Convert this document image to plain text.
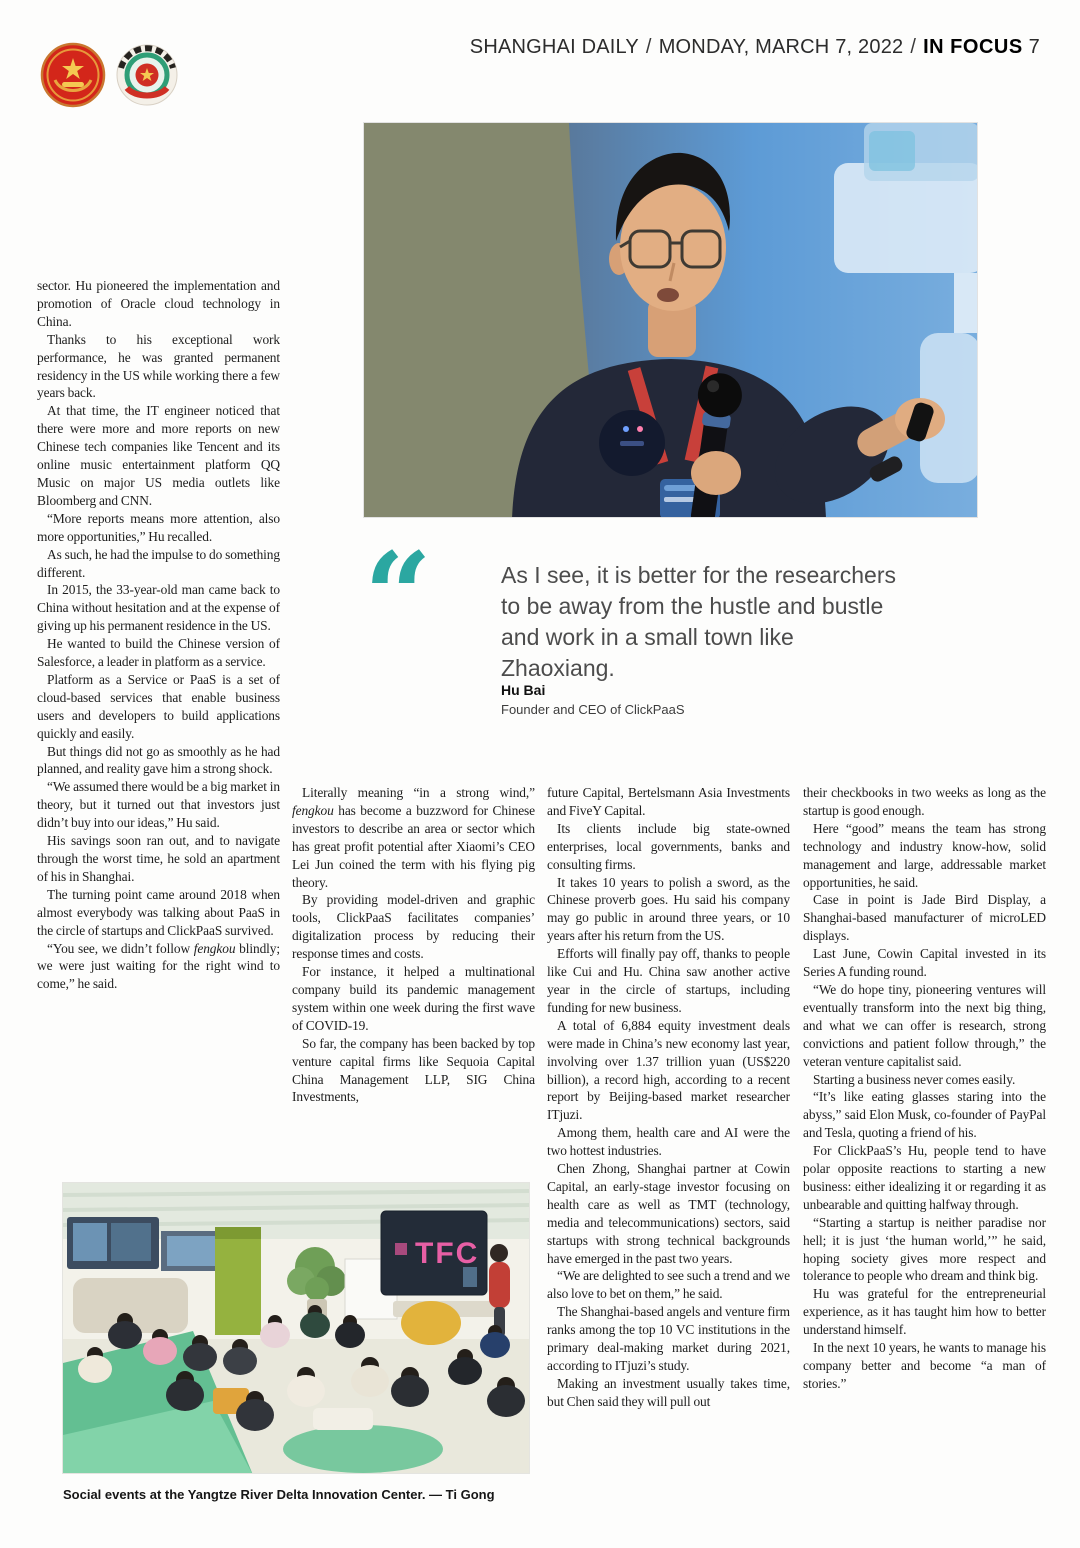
SHANGHAI DAILY / MONDAY, MARCH 7, 2022 / IN FOCUS 7
“	As I see, it is better for the researchers to be away from the hustle and bustle and work in a small town like Zhaoxiang.
Hu Bai
Founder and CEO of ClickPaaS

sector. Hu pioneered the implementation and promotion of Oracle cloud technology in China.

Thanks to his exceptional work performance, he was granted permanent residency in the US while working there a few years back.

At that time, the IT engineer noticed that there were more and more reports on new Chinese tech companies like Tencent and its online music entertainment platform QQ Music on major US media outlets like Bloomberg and CNN.

“More reports means more attention, also more opportunities,” Hu recalled.

As such, he had the impulse to do something different.

In 2015, the 33-year-old man came back to China without hesitation and at the expense of giving up his permanent residence in the US.

He wanted to build the Chinese version of Salesforce, a leader in platform as a service.

Platform as a Service or PaaS is a set of cloud-based services that enable business users and developers to build applications quickly and easily.

But things did not go as smoothly as he had planned, and reality gave him a strong shock.

“We assumed there would be a big market in theory, but it turned out that investors just didn’t buy into our ideas,” Hu said.

His savings soon ran out, and to navigate through the worst time, he sold an apartment of his in Shanghai.

The turning point came around 2018 when almost everybody was talking about PaaS in the circle of startups and ClickPaaS survived.

“You see, we didn’t follow fengkou blindly; we were just waiting for the right wind to come,” he said.

Literally meaning “in a strong wind,” fengkou has become a buzzword for Chinese investors to describe an area or sector which has great profit potential after Xiaomi’s CEO Lei Jun coined the term with his flying pig theory.

By providing model-driven and graphic tools, ClickPaaS facilitates companies’ digitalization process by reducing their response times and costs.

For instance, it helped a multinational company build its pandemic management system within one week during the first wave of COVID-19.

So far, the company has been backed by top venture capital firms like Sequoia Capital China Management LLP, SIG China Investments,

future Capital, Bertelsmann Asia Investments and FiveY Capital.

Its clients include big state-owned enterprises, local governments, banks and consulting firms.

It takes 10 years to polish a sword, as the Chinese proverb goes. Hu said his company may go public in around three years, or 10 years after his return from the US.

Efforts will finally pay off, thanks to people like Cui and Hu. China saw another active year in the circle of startups, including funding for new business.

A total of 6,884 equity investment deals were made in China’s new economy last year, involving over 1.37 trillion yuan (US$220 billion), a record high, according to a recent report by Beijing-based market researcher ITjuzi.

Among them, health care and AI were the two hottest industries.

Chen Zhong, Shanghai partner at Cowin Capital, an early-stage investor focusing on health care as well as TMT (technology, media and telecommunications) sectors, said startups with strong technical backgrounds have emerged in the past two years.

“We are delighted to see such a trend and we also love to bet on them,” he said.

The Shanghai-based angels and venture firm ranks among the top 10 VC institutions in the primary deal-making market during 2021, according to ITjuzi’s study.

Making an investment usually takes time, but Chen said they will pull out

their checkbooks in two weeks as long as the startup is good enough.

Here “good” means the team has strong technology and industry know-how, solid management and large, addressable market opportunities, he said.

Case in point is Jade Bird Display, a Shanghai-based manufacturer of microLED displays.

Last June, Cowin Capital invested in its Series A funding round.

“We do hope tiny, pioneering ventures will eventually transform into the next big thing, and what we can offer is research, strong convictions and patient follow through,” the veteran venture capitalist said.

Starting a business never comes easily.

“It’s like eating glasses staring into the abyss,” said Elon Musk, co-founder of PayPal and Tesla, quoting a friend of his.

For ClickPaaS’s Hu, people tend to have polar opposite reactions to starting a new business: either idealizing it or regarding it as unbearable and quitting halfway through.

“Starting a startup is neither paradise nor hell; it is just ‘the human world,’” he said, hoping society gives more respect and tolerance to people who dream and think big.

Hu was grateful for the entrepreneurial experience, as it has taught him how to better understand himself.

In the next 10 years, he wants to manage his company better and become “a man of stories.”

TFC
Social events at the Yangtze River Delta Innovation Center. — Ti Gong
